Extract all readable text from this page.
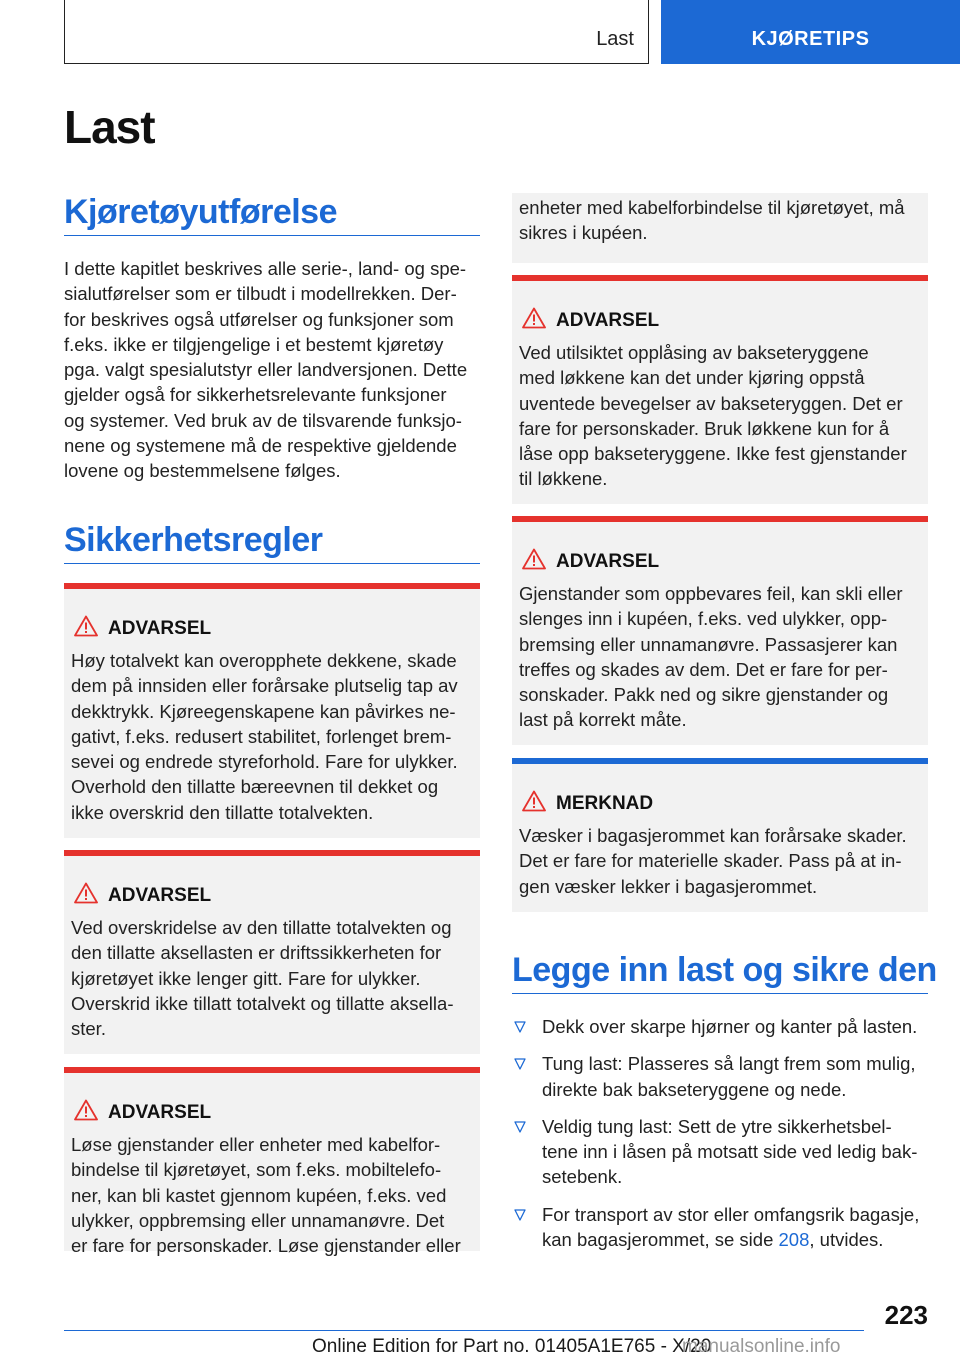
Last	KJØRETIPS
Last
Kjøretøyutførelse
I dette kapitlet beskrives alle serie-, land- og spe-
sialutførelser som er tilbudt i modellrekken. Der-
for beskrives også utførelser og funksjoner som
f.eks. ikke er tilgjengelige i et bestemt kjøretøy
pga. valgt spesialutstyr eller landversjonen. Dette
gjelder også for sikkerhetsrelevante funksjoner
og systemer. Ved bruk av de tilsvarende funksjo-
nene og systemene må de respektive gjeldende
lovene og bestemmelsene følges.
Sikkerhetsregler
ADVARSEL
Høy totalvekt kan overopphete dekkene, skade
dem på innsiden eller forårsake plutselig tap av
dekktrykk. Kjøreegenskapene kan påvirkes ne-
gativt, f.eks. redusert stabilitet, forlenget brem-
sevei og endrede styreforhold. Fare for ulykker.
Overhold den tillatte bæreevnen til dekket og
ikke overskrid den tillatte totalvekten.
ADVARSEL
Ved overskridelse av den tillatte totalvekten og
den tillatte aksellasten er driftssikkerheten for
kjøretøyet ikke lenger gitt. Fare for ulykker.
Overskrid ikke tillatt totalvekt og tillatte aksella-
ster.
ADVARSEL
Løse gjenstander eller enheter med kabelfor-
bindelse til kjøretøyet, som f.eks. mobiltelefo-
ner, kan bli kastet gjennom kupéen, f.eks. ved
ulykker, oppbremsing eller unnamanøvre. Det
er fare for personskader. Løse gjenstander eller
enheter med kabelforbindelse til kjøretøyet, må
sikres i kupéen.
ADVARSEL
Ved utilsiktet opplåsing av bakseteryggene
med løkkene kan det under kjøring oppstå
uventede bevegelser av bakseteryggen. Det er
fare for personskader. Bruk løkkene kun for å
låse opp bakseteryggene. Ikke fest gjenstander
til løkkene.
ADVARSEL
Gjenstander som oppbevares feil, kan skli eller
slenges inn i kupéen, f.eks. ved ulykker, opp-
bremsing eller unnamanøvre. Passasjerer kan
treffes og skades av dem. Det er fare for per-
sonskader. Pakk ned og sikre gjenstander og
last på korrekt måte.
MERKNAD
Væsker i bagasjerommet kan forårsake skader.
Det er fare for materielle skader. Pass på at in-
gen væsker lekker i bagasjerommet.
Legge inn last og sikre den
Dekk over skarpe hjørner og kanter på lasten.
Tung last: Plasseres så langt frem som mulig,
direkte bak bakseteryggene og nede.
Veldig tung last: Sett de ytre sikkerhetsbel-
tene inn i låsen på motsatt side ved ledig bak-
setebenk.
For transport av stor eller omfangsrik bagasje,
kan bagasjerommet, se side 208, utvides.
223
Online Edition for Part no. 01405A1E765 - X/20
manualsonline.info
